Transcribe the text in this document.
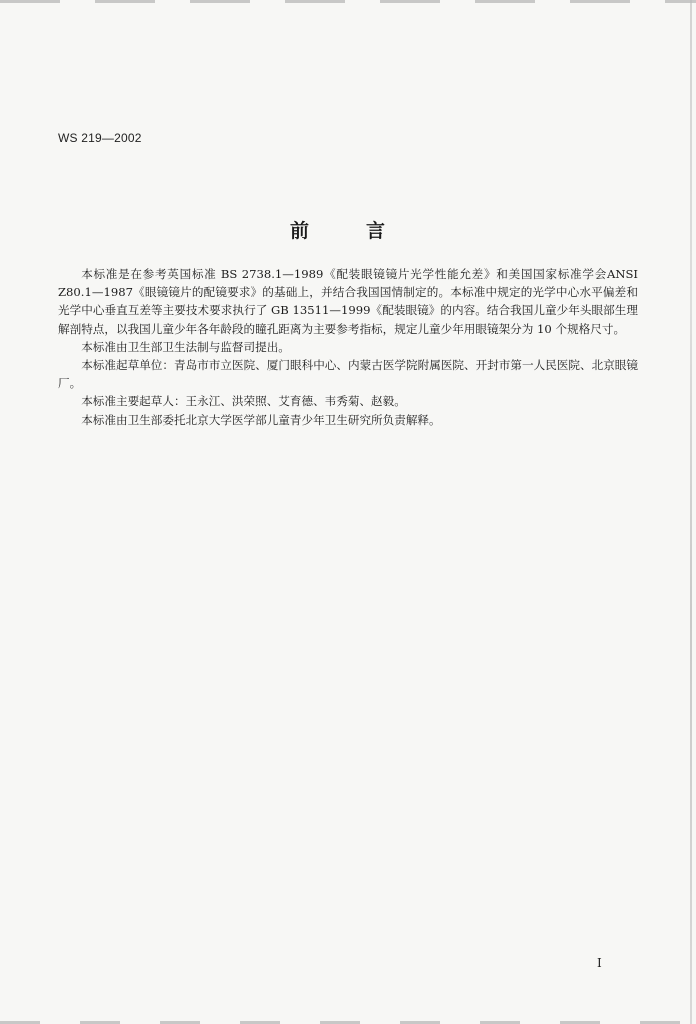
WS 219—2002
前	言

本标准是在参考英国标准 BS 2738.1—1989《配装眼镜镜片光学性能允差》和美国国家标准学会ANSI Z80.1—1987《眼镜镜片的配镜要求》的基础上，并结合我国国情制定的。本标准中规定的光学中心水平偏差和光学中心垂直互差等主要技术要求执行了 GB 13511—1999《配装眼镜》的内容。结合我国儿童少年头眼部生理解剖特点，以我国儿童少年各年龄段的瞳孔距离为主要参考指标，规定儿童少年用眼镜架分为 10 个规格尺寸。

本标准由卫生部卫生法制与监督司提出。

本标准起草单位：青岛市市立医院、厦门眼科中心、内蒙古医学院附属医院、开封市第一人民医院、北京眼镜厂。

本标准主要起草人：王永江、洪荣照、艾育德、韦秀菊、赵毅。

本标准由卫生部委托北京大学医学部儿童青少年卫生研究所负责解释。

I
